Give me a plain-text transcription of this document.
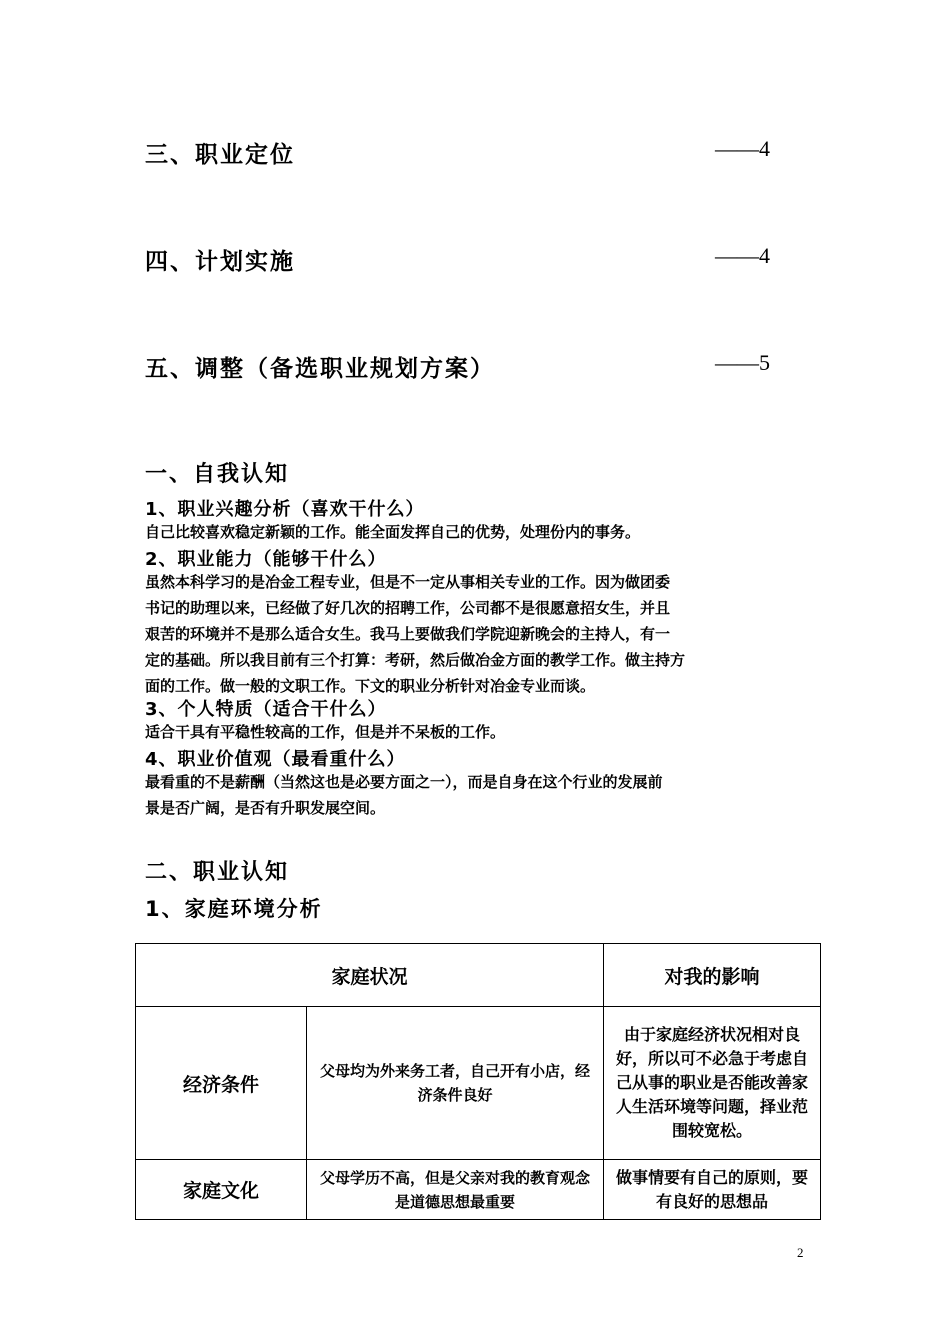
三、职业定位	——4
四、计划实施	——4
五、调整（备选职业规划方案）	——5
一、自我认知
1、职业兴趣分析（喜欢干什么）

自己比较喜欢稳定新颖的工作。能全面发挥自己的优势，处理份内的事务。

2、职业能力（能够干什么）

虽然本科学习的是冶金工程专业，但是不一定从事相关专业的工作。因为做团委

书记的助理以来，已经做了好几次的招聘工作，公司都不是很愿意招女生，并且

艰苦的环境并不是那么适合女生。我马上要做我们学院迎新晚会的主持人，有一

定的基础。所以我目前有三个打算：考研，然后做冶金方面的教学工作。做主持方

面的工作。做一般的文职工作。下文的职业分析针对冶金专业而谈。

3、个人特质（适合干什么）

适合干具有平稳性较高的工作，但是并不呆板的工作。

4、职业价值观（最看重什么）

最看重的不是薪酬（当然这也是必要方面之一），而是自身在这个行业的发展前

景是否广阔，是否有升职发展空间。

二、职业认知
1、家庭环境分析
家庭状况		对我的影响
经济条件	父母均为外来务工者，自己开有小店，经济条件良好	由于家庭经济状况相对良好，所以可不必急于考虑自己从事的职业是否能改善家人生活环境等问题，择业范围较宽松。
家庭文化	父母学历不高，但是父亲对我的教育观念是道德思想最重要	做事情要有自己的原则，要有良好的思想品
2
